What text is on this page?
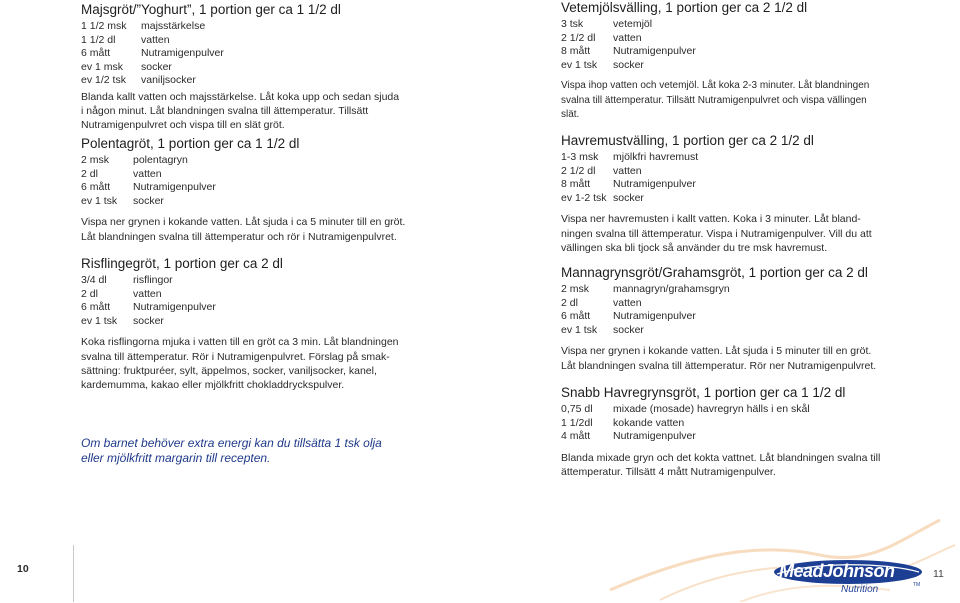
Majsgröt/”Yoghurt”, 1 portion ger ca 1 1/2 dl
1 1/2 msk majsstärkelse
1 1/2 dl vatten
6 mått	Nutramigenpulver
ev 1 msk socker
ev 1/2 tsk vaniljsocker
Blanda kallt vatten och majsstärkelse. Låt koka upp och sedan sjuda
i någon minut. Låt blandningen svalna till ättemperatur. Tillsätt
Nutramigenpulvret och vispa till en slät gröt.
Polentagröt, 1 portion ger ca 1 1/2 dl
2 msk polentagryn
2 dl	vatten
6 mått Nutramigenpulver
ev 1 tsk socker
Vispa ner grynen i kokande vatten. Låt sjuda i ca 5 minuter till en gröt.
Låt blandningen svalna till ättemperatur och rör i Nutramigenpulvret.
Risflingegröt, 1 portion ger ca 2 dl
3/4 dl	risflingor
2 dl	vatten
6 mått Nutramigenpulver
ev 1 tsk socker
Koka risflingorna mjuka i vatten till en gröt ca 3 min. Låt blandningen
svalna till ättemperatur. Rör i Nutramigenpulvret. Förslag på smak-
sättning: fruktpuréer, sylt, äppelmos, socker, vaniljsocker, kanel,
kardemumma, kakao eller mjölkfritt chokladdryckspulver.
Om barnet behöver extra energi kan du tillsätta 1 tsk olja
eller mjölkfritt margarin till recepten.
Vetemjölsvälling, 1 portion ger ca 2 1/2 dl
3 tsk	vetemjöl
2 1/2 dl vatten
8 mått Nutramigenpulver
ev 1 tsk socker
Vispa ihop vatten och vetemjöl. Låt koka 2-3 minuter. Låt blandningen
svalna till ättemperatur. Tillsätt Nutramigenpulvret och vispa vällingen
slät.
Havremustvälling, 1 portion ger ca 2 1/2 dl
1-3 msk mjölkfri havremust
2 1/2 dl vatten
8 mått Nutramigenpulver
ev 1-2 tsk socker
Vispa ner havremusten i kallt vatten. Koka i 3 minuter. Låt bland-
ningen svalna till ättemperatur. Vispa i Nutramigenpulver. Vill du att
vällingen ska bli tjock så använder du tre msk havremust.
Mannagrynsgröt/Grahamsgröt, 1 portion ger ca 2 dl
2 msk mannagryn/grahamsgryn
2 dl	vatten
6 mått Nutramigenpulver
ev 1 tsk socker
Vispa ner grynen i kokande vatten. Låt sjuda i 5 minuter till en gröt.
Låt blandningen svalna till ättemperatur. Rör ner Nutramigenpulvret.
Snabb Havregrynsgröt, 1 portion ger ca 1 1/2 dl
0,75 dl mixade (mosade) havregryn hälls i en skål
1 1/2dl kokande vatten
4 mått Nutramigenpulver
Blanda mixade gryn och det kokta vattnet. Låt blandningen svalna till
ättemperatur. Tillsätt 4 mått Nutramigenpulver.
10	MeadJohnson
Nutrition	TM
11
